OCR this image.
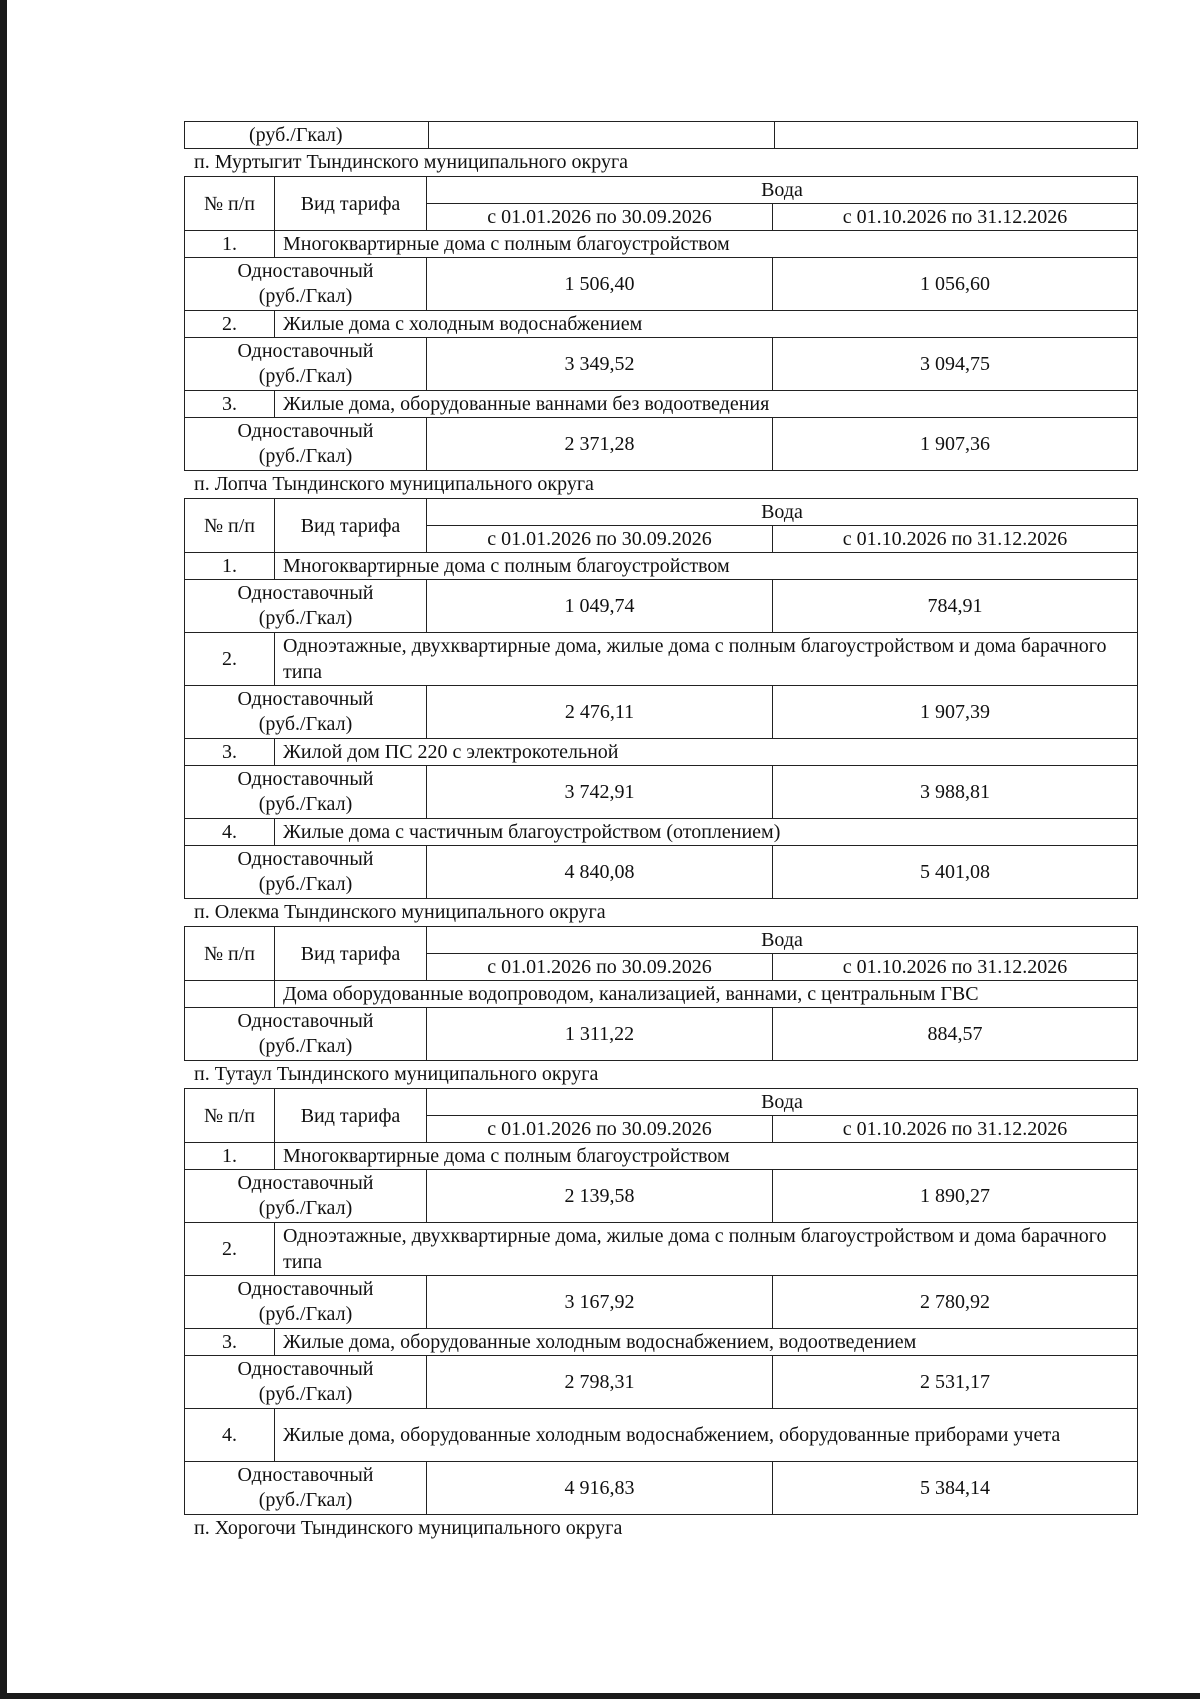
(руб./Гкал)		
п. Муртыгит Тындинского муниципального округа
№ п/п	Вид тарифа	Вода	
		с 01.01.2026 по 30.09.2026	с 01.10.2026 по 31.12.2026
1.	Многоквартирные дома с полным благоустройством		

Одноставочный
(руб./Гкал)		1 506,40	1 056,60
2.	Жилые дома с холодным водоснабжением		

Одноставочный
(руб./Гкал)		3 349,52	3 094,75
3.	Жилые дома, оборудованные ваннами без водоотведения		

Одноставочный
(руб./Гкал)		2 371,28	1 907,36
п. Лопча Тындинского муниципального округа
№ п/п	Вид тарифа	Вода	
		с 01.01.2026 по 30.09.2026	с 01.10.2026 по 31.12.2026
1.	Многоквартирные дома с полным благоустройством		

Одноставочный
(руб./Гкал)		1 049,74	784,91
2.	Одноэтажные, двухквартирные дома, жилые дома с полным благоустройством и дома барачного типа		

Одноставочный
(руб./Гкал)		2 476,11	1 907,39
3.	Жилой дом ПС 220 с электрокотельной		

Одноставочный
(руб./Гкал)		3 742,91	3 988,81
4.	Жилые дома с частичным благоустройством (отоплением)		

Одноставочный
(руб./Гкал)		4 840,08	5 401,08
п. Олекма Тындинского муниципального округа
№ п/п	Вид тарифа	Вода	
		с 01.01.2026 по 30.09.2026	с 01.10.2026 по 31.12.2026
	Дома оборудованные водопроводом, канализацией, ваннами, с центральным ГВС		

Одноставочный
(руб./Гкал)		1 311,22	884,57
п. Тутаул Тындинского муниципального округа
№ п/п	Вид тарифа	Вода	
		с 01.01.2026 по 30.09.2026	с 01.10.2026 по 31.12.2026
1.	Многоквартирные дома с полным благоустройством		

Одноставочный
(руб./Гкал)		2 139,58	1 890,27
2.	Одноэтажные, двухквартирные дома, жилые дома с полным благоустройством и дома барачного типа		

Одноставочный
(руб./Гкал)		3 167,92	2 780,92
3.	Жилые дома, оборудованные холодным водоснабжением, водоотведением		

Одноставочный
(руб./Гкал)		2 798,31	2 531,17
4.	Жилые дома, оборудованные холодным водоснабжением, оборудованные приборами учета		

Одноставочный
(руб./Гкал)		4 916,83	5 384,14
п. Хорогочи Тындинского муниципального округа
